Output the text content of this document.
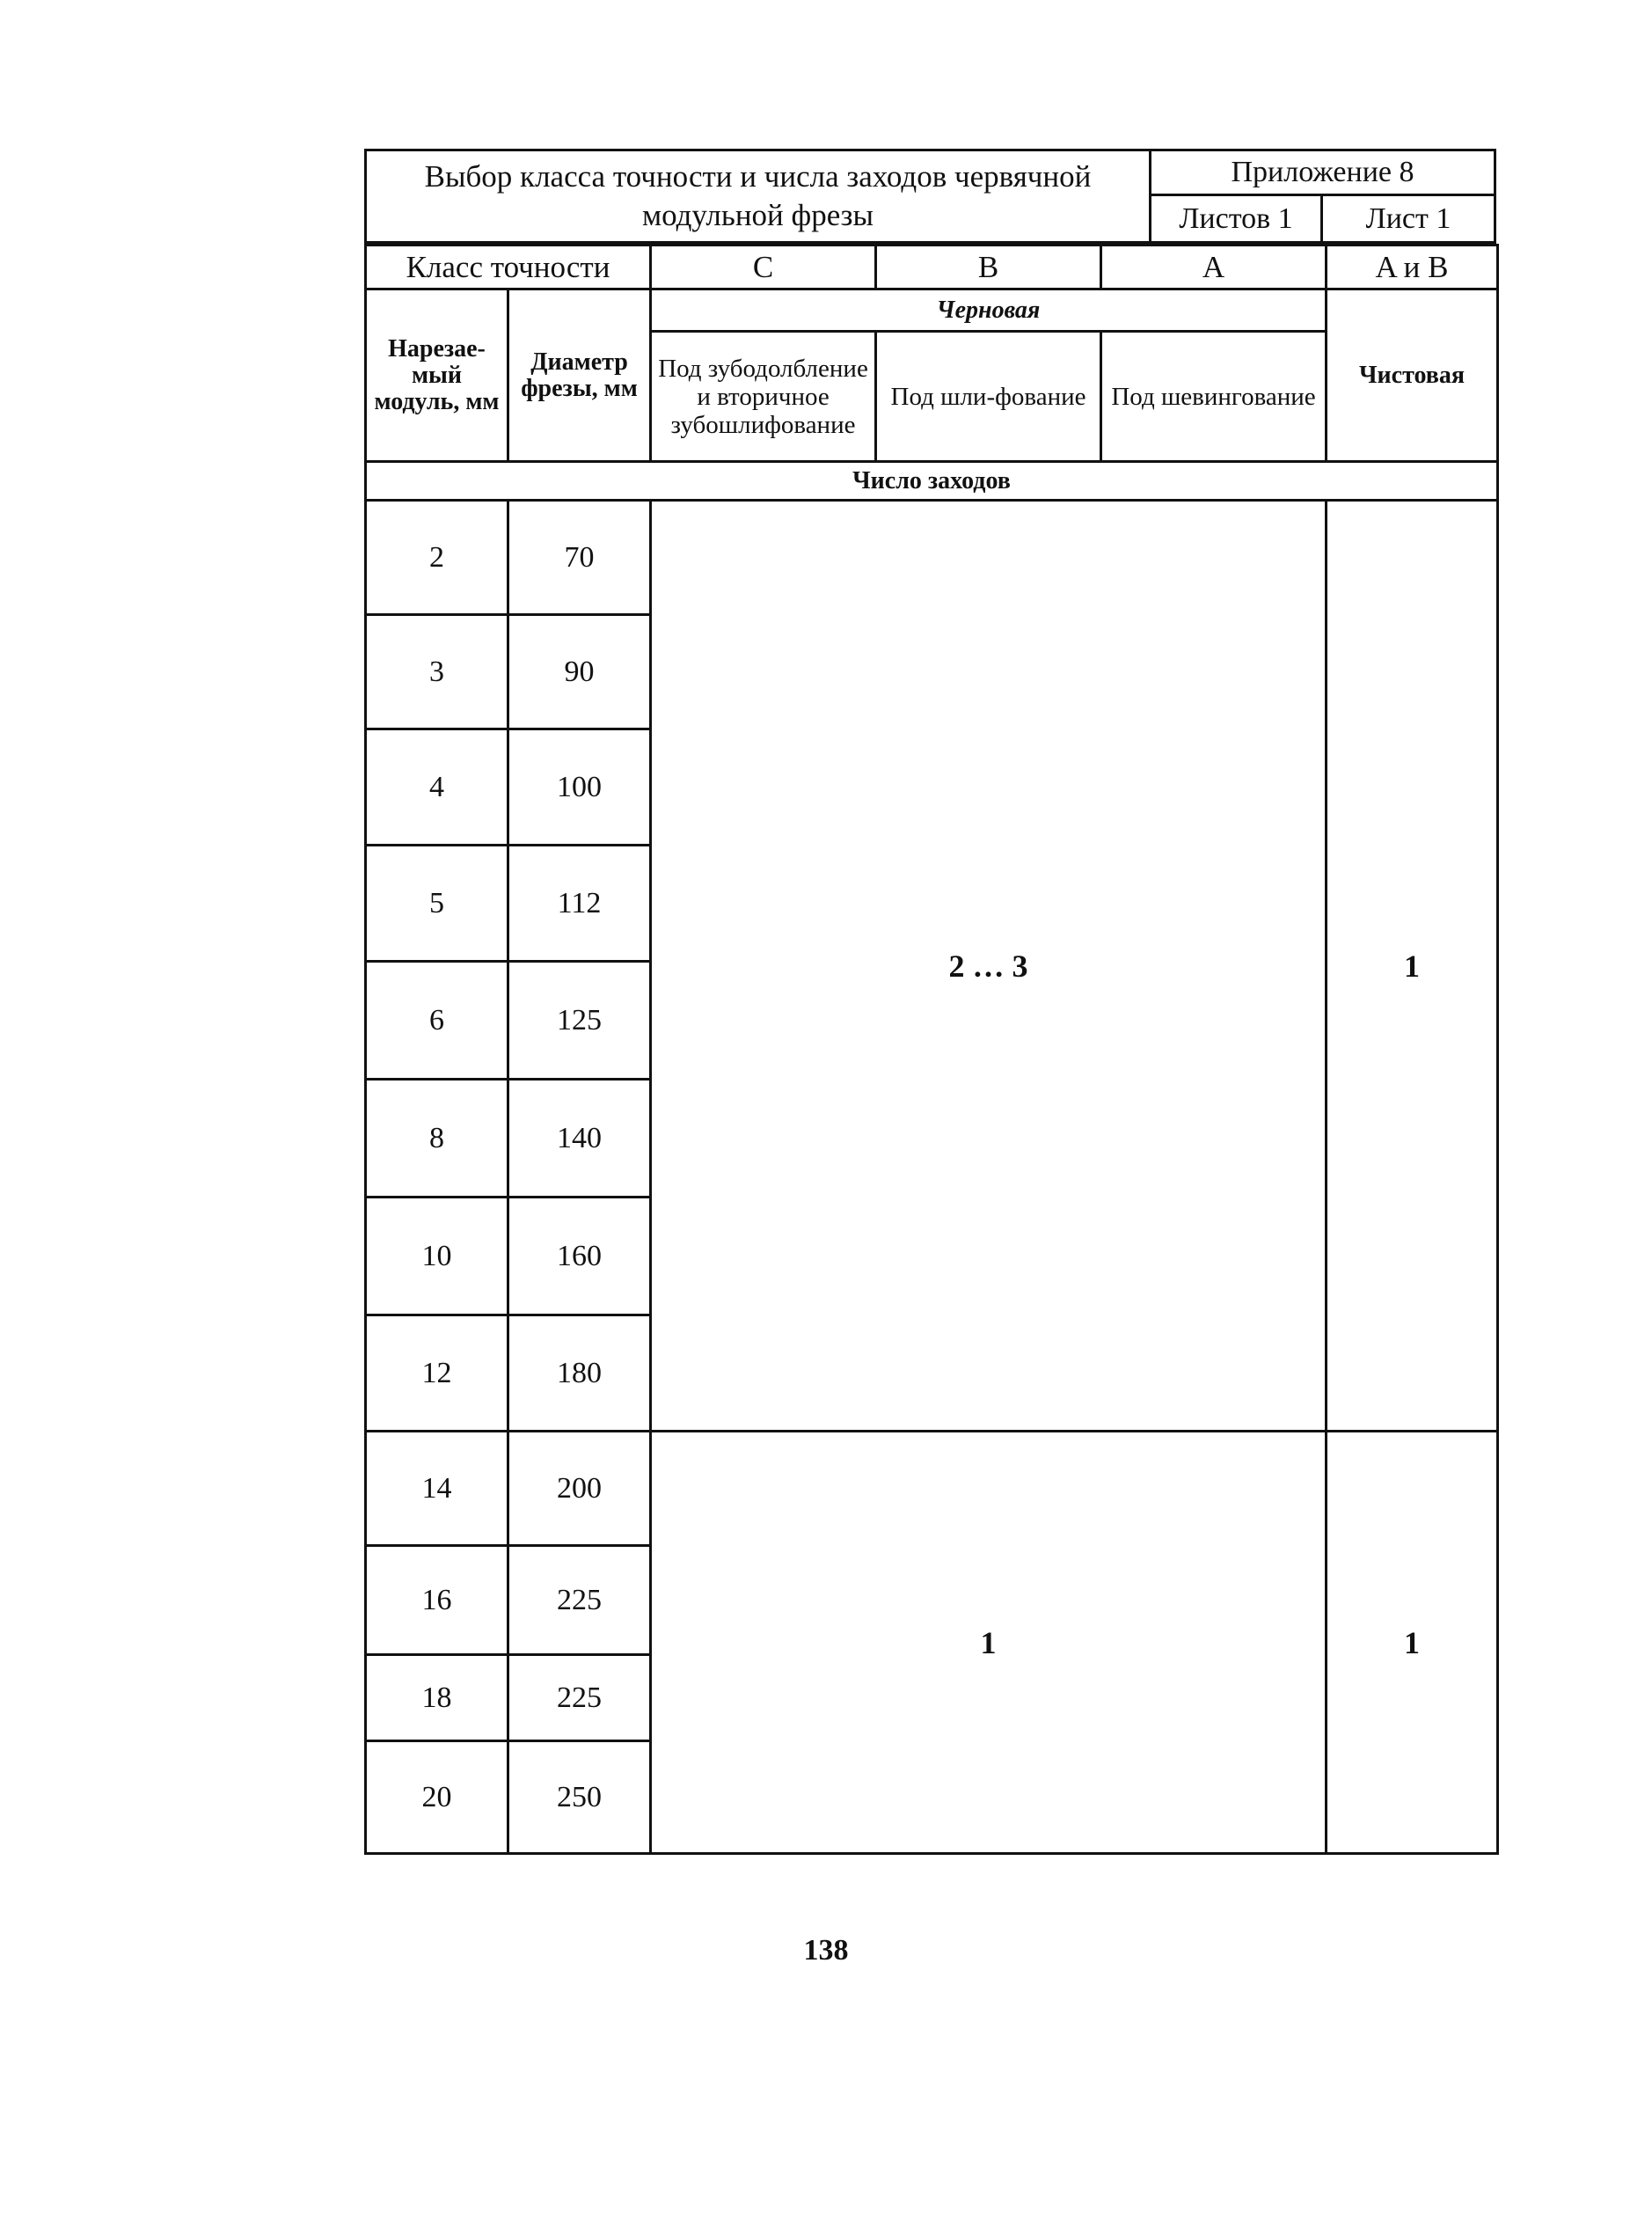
Выбор класса точности и числа заходов червячной модульной фрезы
Приложение 8
Листов 1 Лист 1
Класс точности		C	B	A	A и B
Нарезае-мый модуль, мм	Диаметр фрезы, мм	Черновая			Чистовая
		Под зубодолбление и вторичное зубошлифование	Под шли-фование	Под шевингование	
Число заходов					
2	70	2 … 3			1
3	90				
4	100				
5	112				
6	125				
8	140				
10	160				
12	180				
14	200	1			1
16	225				
18	225				
20	250				
138
